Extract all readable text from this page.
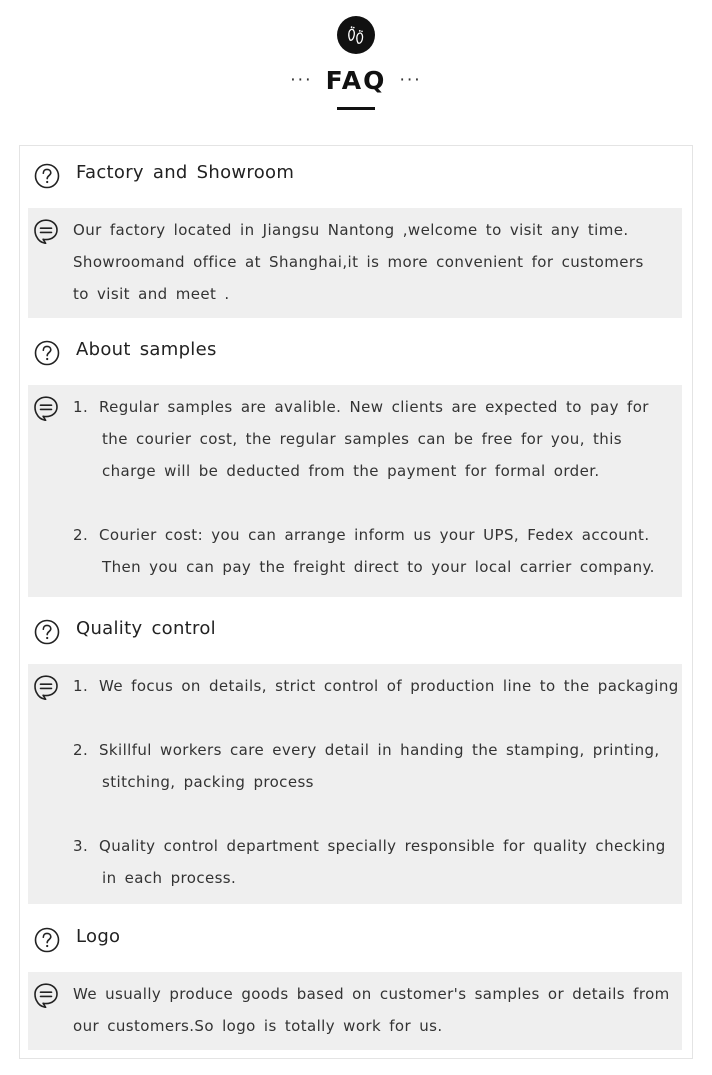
··· FAQ ···
Factory and Showroom
Our factory located in Jiangsu Nantong ,welcome to visit any time.
Showroomand office at Shanghai,it is more convenient for customers
to visit and meet .
About samples
1. Regular samples are avalible. New clients are expected to pay for
the courier cost, the regular samples can be free for you, this
charge will be deducted from the payment for formal order.
2. Courier cost: you can arrange inform us your UPS, Fedex account.
Then you can pay the freight direct to your local carrier company.
Quality control
1. We focus on details, strict control of production line to the packaging
2. Skillful workers care every detail in handing the stamping, printing,
stitching, packing process
3. Quality control department specially responsible for quality checking
in each process.
Logo
We usually produce goods based on customer's samples or details from
our customers.So logo is totally work for us.
